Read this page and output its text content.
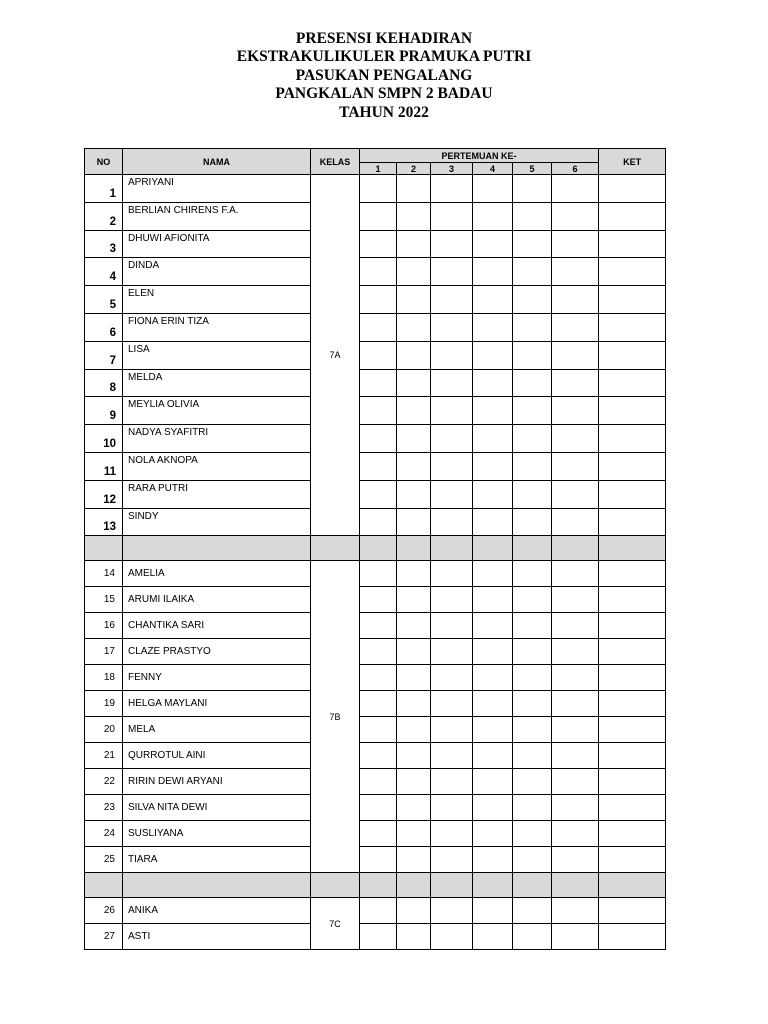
PRESENSI KEHADIRAN
EKSTRAKULIKULER PRAMUKA PUTRI
PASUKAN PENGALANG
PANGKALAN SMPN 2 BADAU
TAHUN 2022
NO	NAMA	KELAS	PERTEMUAN KE-						KET
			1	2	3	4	5	6	
1	APRIYANI	7A							
2	BERLIAN CHIRENS F.A.								
3	DHUWI AFIONITA								
4	DINDA								
5	ELEN								
6	FIONA ERIN TIZA								
7	LISA								
8	MELDA								
9	MEYLIA OLIVIA								
10	NADYA SYAFITRI								
11	NOLA AKNOPA								
12	RARA PUTRI								
13	SINDY								

14	AMELIA	7B							
15	ARUMI ILAIKA								
16	CHANTIKA SARI								
17	CLAZE PRASTYO								
18	FENNY								
19	HELGA MAYLANI								
20	MELA								
21	QURROTUL AINI								
22	RIRIN DEWI ARYANI								
23	SILVA NITA DEWI								
24	SUSLIYANA								
25	TIARA								

26	ANIKA	7C							
27	ASTI								
